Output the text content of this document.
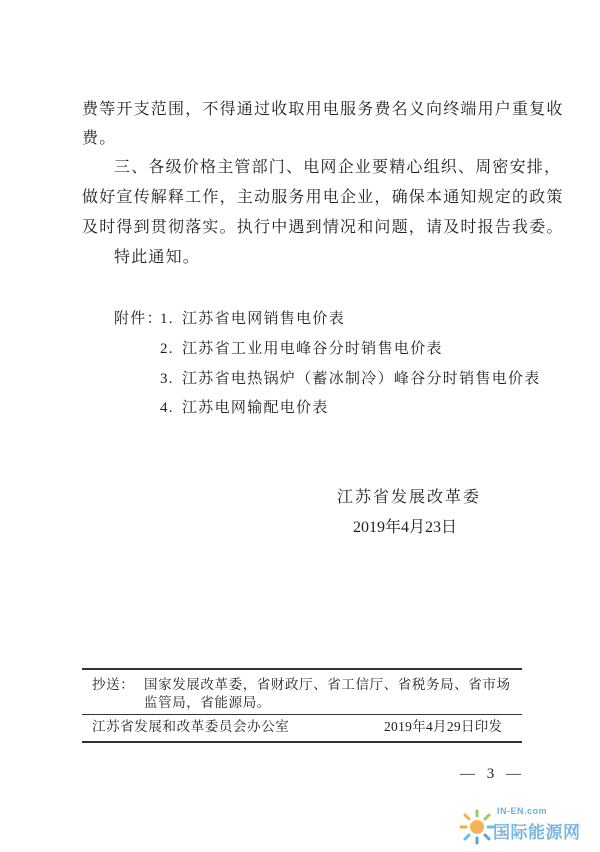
费等开支范围，不得通过收取用电服务费名义向终端用户重复收
费。
三、各级价格主管部门、电网企业要精心组织、周密安排，
做好宣传解释工作，主动服务用电企业，确保本通知规定的政策
及时得到贯彻落实。执行中遇到情况和问题，请及时报告我委。
特此通知。
附件：
1. 江苏省电网销售电价表
2. 江苏省工业用电峰谷分时销售电价表
3. 江苏省电热锅炉（蓄冰制冷）峰谷分时销售电价表
4. 江苏电网输配电价表
江苏省发展改革委
2019年4月23日
抄送： 国家发展改革委，省财政厅、省工信厅、省税务局、省市场
监管局，省能源局。
江苏省发展和改革委员会办公室	2019年4月29日印发
— 3 —
IN-EN.com
国际能源网
